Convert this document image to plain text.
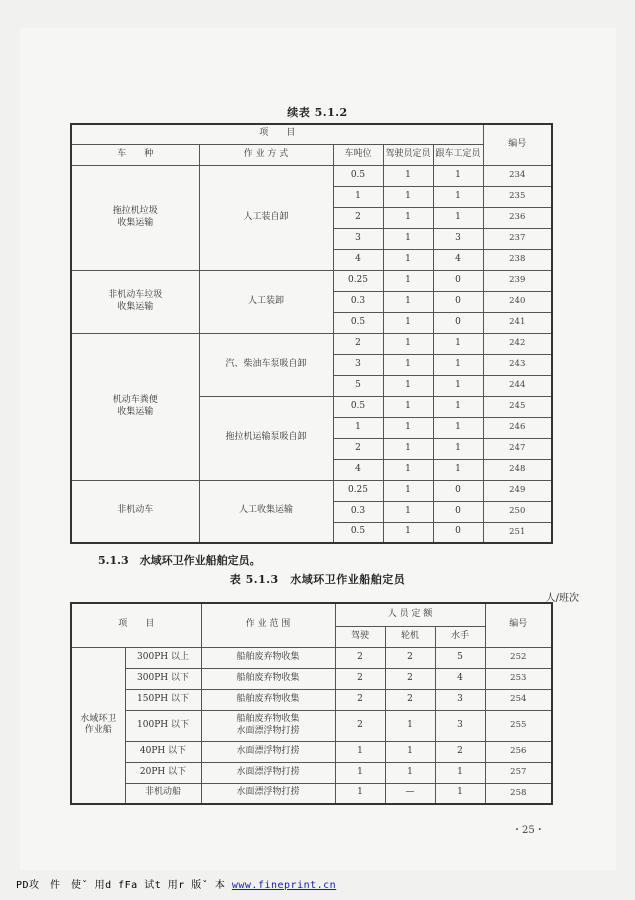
续表 5.1.2
项　　目					编号
车　　种	作 业 方 式	车吨位	驾驶员定员	跟车工定员	
拖拉机垃圾
收集运输	人工装自卸	0.5	1	1	234
		1	1	1	235
		2	1	1	236
		3	1	3	237
		4	1	4	238
非机动车垃圾
收集运输	人工装卸	0.25	1	0	239
		0.3	1	0	240
		0.5	1	0	241
机动车粪便
收集运输	汽、柴油车泵吸自卸	2	1	1	242
		3	1	1	243
		5	1	1	244
	拖拉机运输泵吸自卸	0.5	1	1	245
		1	1	1	246
		2	1	1	247
		4	1	1	248
非机动车	人工收集运输	0.25	1	0	249
		0.3	1	0	250
		0.5	1	0	251
5.1.3　水域环卫作业船舶定员。
表 5.1.3　水域环卫作业船舶定员
人/班次
项　　目		作 业 范 围	人 员 定 额			编号
			驾驶	轮机	水手	
水域环卫
作业船	300PH 以上	船舶废弃物收集	2	2	5	252
	300PH 以下	船舶废弃物收集	2	2	4	253
	150PH 以下	船舶废弃物收集	2	2	3	254
	100PH 以下	船舶废弃物收集
水面漂浮物打捞	2	1	3	255
	40PH 以下	水面漂浮物打捞	1	1	2	256
	20PH 以下	水面漂浮物打捞	1	1	1	257
	非机动船	水面漂浮物打捞	1	—	1	258
・25・
PD攻　件　使ˇ 用d fFa 试t 用r 版ˇ 本 www.fineprint.cn
